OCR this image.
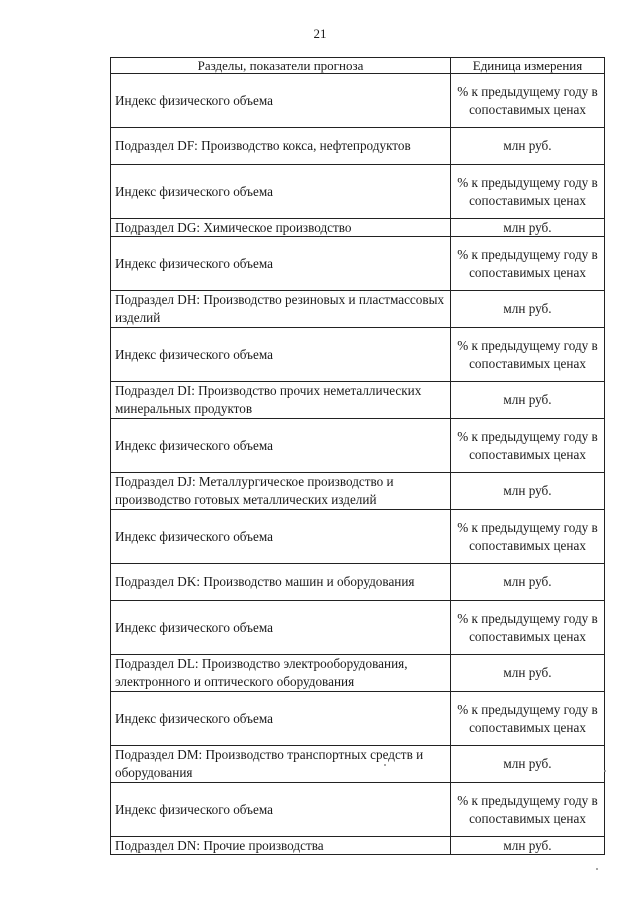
21
Разделы, показатели прогноза	Единица измерения
Индекс физического объема	% к предыдущему году в сопоставимых ценах
Подраздел DF: Производство кокса, нефтепродуктов	млн руб.
Индекс физического объема	% к предыдущему году в сопоставимых ценах
Подраздел DG: Химическое производство	млн руб.
Индекс физического объема	% к предыдущему году в сопоставимых ценах
Подраздел DH: Производство резиновых и пластмассовых изделий	млн руб.
Индекс физического объема	% к предыдущему году в сопоставимых ценах
Подраздел DI: Производство прочих неметаллических минеральных продуктов	млн руб.
Индекс физического объема	% к предыдущему году в сопоставимых ценах
Подраздел DJ: Металлургическое производство и производство готовых металлических изделий	млн руб.
Индекс физического объема	% к предыдущему году в сопоставимых ценах
Подраздел DK: Производство машин и оборудования	млн руб.
Индекс физического объема	% к предыдущему году в сопоставимых ценах
Подраздел DL: Производство электрооборудования, электронного и оптического оборудования	млн руб.
Индекс физического объема	% к предыдущему году в сопоставимых ценах
Подраздел DM: Производство транспортных средств и оборудования	млн руб.
Индекс физического объема	% к предыдущему году в сопоставимых ценах
Подраздел DN: Прочие производства	млн руб.
